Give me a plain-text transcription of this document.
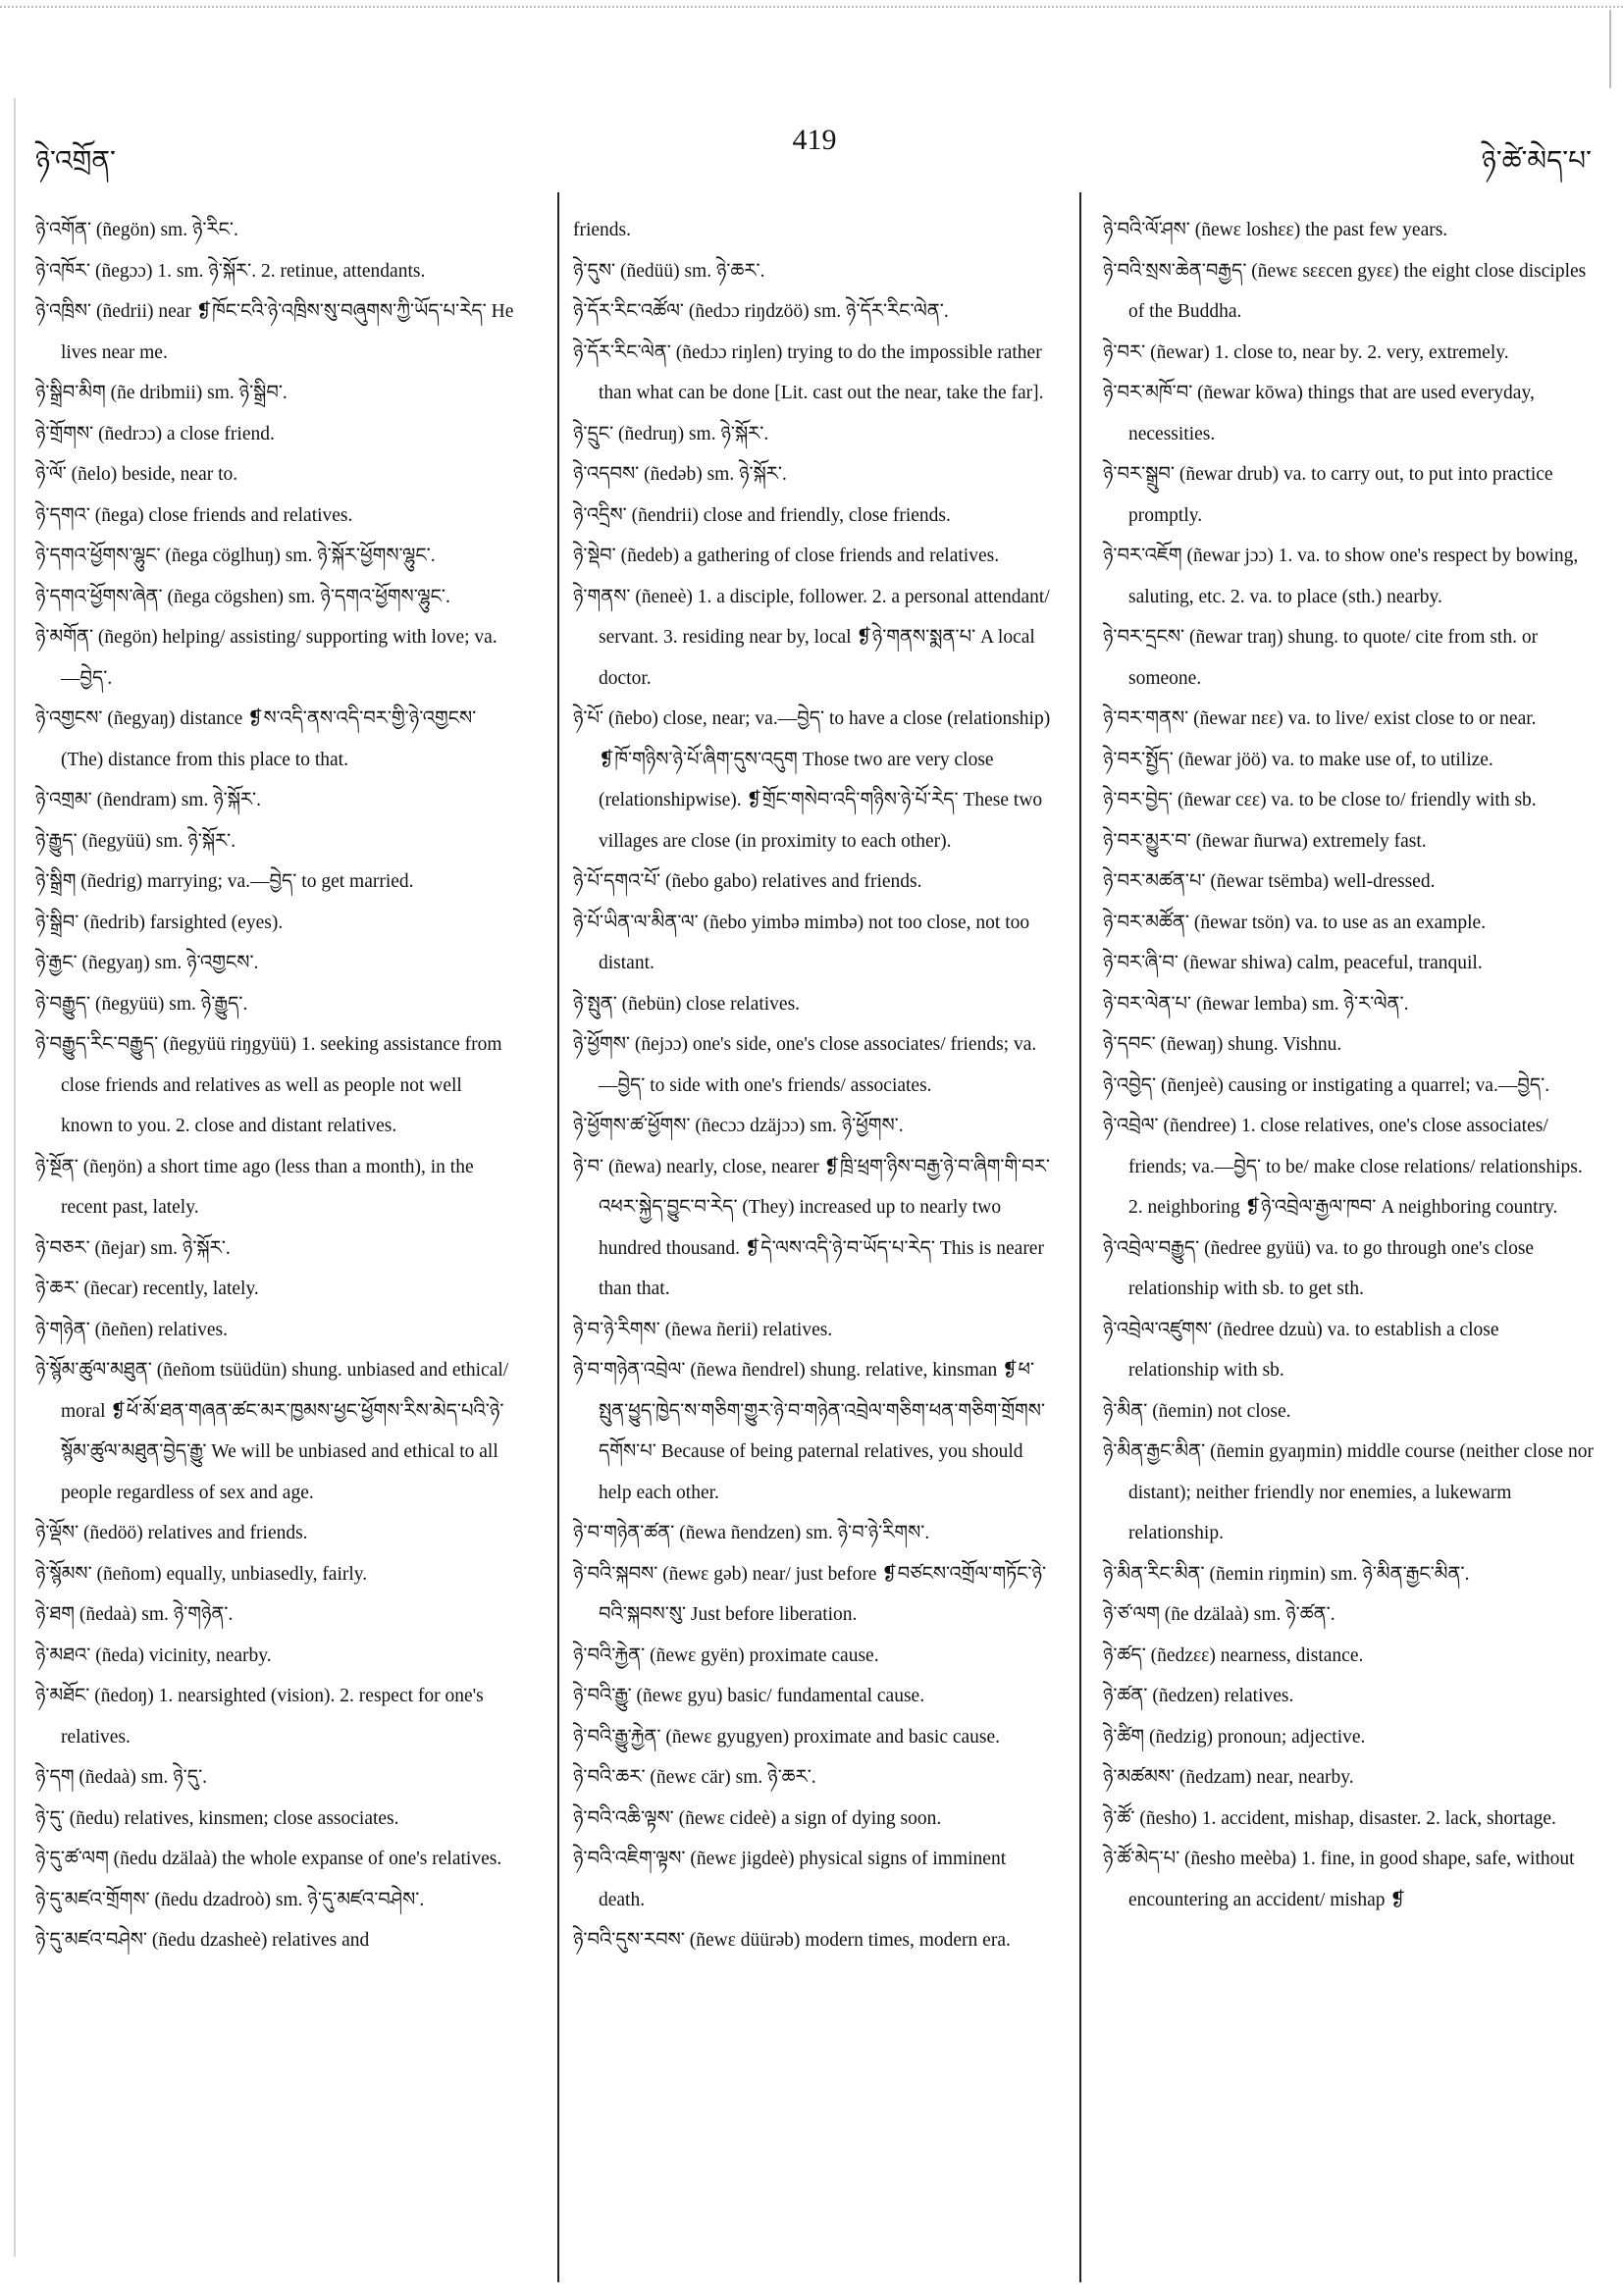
ཉེ་འགྲོན་
419
ཉེ་ཚེ་མེད་པ་
ཉེ་འགོན་ (ñegön) sm. ཉེ་རིང་.
ཉེ་འཁོར་ (ñegɔɔ) 1. sm. ཉེ་སྐོར་. 2. retinue, attendants.
ཉེ་འཁྲིས་ (ñedrii) near ❡ཁོང་ངའི་ཉེ་འཁྲིས་སུ་བཞུགས་ཀྱི་ཡོད་པ་རེད་ He lives near me.
ཉེ་སྒྲིབ་མིག (ñe dribmii) sm. ཉེ་སྒྲིབ་.
ཉེ་གྲོགས་ (ñedrɔɔ) a close friend.
ཉེ་ལོ་ (ñelo) beside, near to.
ཉེ་དགའ་ (ñega) close friends and relatives.
ཉེ་དགའ་ཕྱོགས་ལྷུང་ (ñega cöglhuŋ) sm. ཉེ་སྐོར་ཕྱོགས་ལྷུང་.
ཉེ་དགའ་ཕྱོགས་ཞེན་ (ñega cögshen) sm. ཉེ་དགའ་ཕྱོགས་ལྷུང་.
ཉེ་མགོན་ (ñegön) helping/ assisting/ supporting with love; va.—བྱེད་.
ཉེ་འགྱངས་ (ñegyaŋ) distance ❡ས་འདི་ནས་འདི་བར་གྱི་ཉེ་འགྱངས་ (The) distance from this place to that.
ཉེ་འགྲམ་ (ñendram) sm. ཉེ་སྐོར་.
ཉེ་རྒྱུད་ (ñegyüü) sm. ཉེ་སྐོར་.
ཉེ་སྒྲིག (ñedrig) marrying; va.—བྱེད་ to get married.
ཉེ་སྒྲིབ་ (ñedrib) farsighted (eyes).
ཉེ་རྒྱང་ (ñegyaŋ) sm. ཉེ་འགྱངས་.
ཉེ་བརྒྱུད་ (ñegyüü) sm. ཉེ་རྒྱུད་.
ཉེ་བརྒྱུད་རིང་བརྒྱུད་ (ñegyüü riŋgyüü) 1. seeking assistance from close friends and relatives as well as people not well known to you. 2. close and distant relatives.
ཉེ་སྔོན་ (ñeŋön) a short time ago (less than a month), in the recent past, lately.
ཉེ་བཅར་ (ñejar) sm. ཉེ་སྐོར་.
ཉེ་ཆར་ (ñecar) recently, lately.
ཉེ་གཉེན་ (ñeñen) relatives.
ཉེ་སྙོམ་ཚུལ་མཐུན་ (ñeñom tsüüdün) shung. unbiased and ethical/ moral ❡ཕོ་མོ་ཐན་གཞན་ཚང་མར་ཁྱམས་ཕྱང་ཕྱོགས་རིས་མེད་པའི་ཉེ་སྙོམ་ཚུལ་མཐུན་བྱེད་རྒྱུ་ We will be unbiased and ethical to all people regardless of sex and age.
ཉེ་ལྡོས་ (ñedöö) relatives and friends.
ཉེ་སྙོམས་ (ñeñom) equally, unbiasedly, fairly.
ཉེ་ཐག (ñedaà) sm. ཉེ་གཉེན་.
ཉེ་མཐའ་ (ñeda) vicinity, nearby.
ཉེ་མཐོང་ (ñedoŋ) 1. nearsighted (vision). 2. respect for one's relatives.
ཉེ་དག (ñedaà) sm. ཉེ་དུ་.
ཉེ་དུ་ (ñedu) relatives, kinsmen; close associates.
ཉེ་དུ་ཚ་ལག (ñedu dzälaà) the whole expanse of one's relatives.
ཉེ་དུ་མཛའ་གྲོགས་ (ñedu dzadroò) sm. ཉེ་དུ་མཛའ་བཤེས་.
ཉེ་དུ་མཛའ་བཤེས་ (ñedu dzasheè) relatives and
friends.
ཉེ་དུས་ (ñedüü) sm. ཉེ་ཆར་.
ཉེ་དོར་རིང་འཚོལ་ (ñedɔɔ riŋdzöö) sm. ཉེ་དོར་རིང་ལེན་.
ཉེ་དོར་རིང་ལེན་ (ñedɔɔ riŋlen) trying to do the impossible rather than what can be done [Lit. cast out the near, take the far].
ཉེ་དྲུང་ (ñedruŋ) sm. ཉེ་སྐོར་.
ཉེ་འདབས་ (ñedəb) sm. ཉེ་སྐོར་.
ཉེ་འདྲིས་ (ñendrii) close and friendly, close friends.
ཉེ་སྡེབ་ (ñedeb) a gathering of close friends and relatives.
ཉེ་གནས་ (ñeneè) 1. a disciple, follower. 2. a personal attendant/ servant. 3. residing near by, local ❡ཉེ་གནས་སྨན་པ་ A local doctor.
ཉེ་པོ་ (ñebo) close, near; va.—བྱེད་ to have a close (relationship) ❡ཁོ་གཉིས་ཉེ་པོ་ཞིག་དུས་འདུག Those two are very close (relationshipwise). ❡གྲོང་གསེབ་འདི་གཉིས་ཉེ་པོ་རེད་ These two villages are close (in proximity to each other).
ཉེ་པོ་དགའ་པོ་ (ñebo gabo) relatives and friends.
ཉེ་པོ་ཡིན་ལ་མིན་ལ་ (ñebo yimbə mimbə) not too close, not too distant.
ཉེ་སྤུན་ (ñebün) close relatives.
ཉེ་ཕྱོགས་ (ñejɔɔ) one's side, one's close associates/ friends; va.—བྱེད་ to side with one's friends/ associates.
ཉེ་ཕྱོགས་ཚ་ཕྱོགས་ (ñecɔɔ dzäjɔɔ) sm. ཉེ་ཕྱོགས་.
ཉེ་བ་ (ñewa) nearly, close, nearer ❡ཁྲི་ཕྲག་ཉིས་བརྒྱ་ཉེ་བ་ཞིག་གི་བར་འཕར་སྐྱེད་བྱུང་བ་རེད་ (They) increased up to nearly two hundred thousand. ❡དེ་ལས་འདི་ཉེ་བ་ཡོད་པ་རེད་ This is nearer than that.
ཉེ་བ་ཉེ་རིགས་ (ñewa ñerii) relatives.
ཉེ་བ་གཉེན་འབྲེལ་ (ñewa ñendrel) shung. relative, kinsman ❡ཕ་སྤུན་ཕྱུད་ཁྱེད་ས་གཅིག་གྱུར་ཉེ་བ་གཉེན་འབྲེལ་གཅིག་ཕན་གཅིག་གྲོགས་དགོས་པ་ Because of being paternal relatives, you should help each other.
ཉེ་བ་གཉེན་ཚན་ (ñewa ñendzen) sm. ཉེ་བ་ཉེ་རིགས་.
ཉེ་བའི་སྐབས་ (ñewɛ gəb) near/ just before ❡བཙངས་འགྲོལ་གཏོང་ཉེ་བའི་སྐབས་སུ་ Just before liberation.
ཉེ་བའི་རྐྱེན་ (ñewɛ gyën) proximate cause.
ཉེ་བའི་རྒྱུ་ (ñewɛ gyu) basic/ fundamental cause.
ཉེ་བའི་རྒྱུ་རྐྱེན་ (ñewɛ gyugyen) proximate and basic cause.
ཉེ་བའི་ཆར་ (ñewɛ cär) sm. ཉེ་ཆར་.
ཉེ་བའི་འཆི་ལྟས་ (ñewɛ cideè) a sign of dying soon.
ཉེ་བའི་འཇིག་ལྟས་ (ñewɛ jigdeè) physical signs of imminent death.
ཉེ་བའི་དུས་རབས་ (ñewɛ düürəb) modern times, modern era.
ཉེ་བའི་ལོ་ཤས་ (ñewɛ loshɛɛ) the past few years.
ཉེ་བའི་སྲས་ཆེན་བརྒྱད་ (ñewɛ sɛɛcen gyɛɛ) the eight close disciples of the Buddha.
ཉེ་བར་ (ñewar) 1. close to, near by. 2. very, extremely.
ཉེ་བར་མཁོ་བ་ (ñewar kōwa) things that are used everyday, necessities.
ཉེ་བར་སྒྲུབ་ (ñewar drub) va. to carry out, to put into practice promptly.
ཉེ་བར་འཇོག (ñewar jɔɔ) 1. va. to show one's respect by bowing, saluting, etc. 2. va. to place (sth.) nearby.
ཉེ་བར་དྲངས་ (ñewar traŋ) shung. to quote/ cite from sth. or someone.
ཉེ་བར་གནས་ (ñewar nɛɛ) va. to live/ exist close to or near.
ཉེ་བར་སྤྱོད་ (ñewar jöö) va. to make use of, to utilize.
ཉེ་བར་བྱེད་ (ñewar cɛɛ) va. to be close to/ friendly with sb.
ཉེ་བར་མྱུར་བ་ (ñewar ñurwa) extremely fast.
ཉེ་བར་མཚན་པ་ (ñewar tsëmba) well-dressed.
ཉེ་བར་མཚོན་ (ñewar tsön) va. to use as an example.
ཉེ་བར་ཞི་བ་ (ñewar shiwa) calm, peaceful, tranquil.
ཉེ་བར་ལེན་པ་ (ñewar lemba) sm. ཉེ་ར་ལེན་.
ཉེ་དབང་ (ñewaŋ) shung. Vishnu.
ཉེ་འབྱེད་ (ñenjeè) causing or instigating a quarrel; va.—བྱེད་.
ཉེ་འབྲེལ་ (ñendree) 1. close relatives, one's close associates/ friends; va.—བྱེད་ to be/ make close relations/ relationships. 2. neighboring ❡ཉེ་འབྲེལ་རྒྱལ་ཁབ་ A neighboring country.
ཉེ་འབྲེལ་བརྒྱུད་ (ñedree gyüü) va. to go through one's close relationship with sb. to get sth.
ཉེ་འབྲེལ་འཛུགས་ (ñedree dzuù) va. to establish a close relationship with sb.
ཉེ་མིན་ (ñemin) not close.
ཉེ་མིན་རྒྱང་མིན་ (ñemin gyaŋmin) middle course (neither close nor distant); neither friendly nor enemies, a lukewarm relationship.
ཉེ་མིན་རིང་མིན་ (ñemin riŋmin) sm. ཉེ་མིན་རྒྱང་མིན་.
ཉེ་ཙ་ལག (ñe dzälaà) sm. ཉེ་ཚན་.
ཉེ་ཚད་ (ñedzɛɛ) nearness, distance.
ཉེ་ཚན་ (ñedzen) relatives.
ཉེ་ཚིག (ñedzig) pronoun; adjective.
ཉེ་མཚམས་ (ñedzam) near, nearby.
ཉེ་ཚོ་ (ñesho) 1. accident, mishap, disaster. 2. lack, shortage.
ཉེ་ཚོ་མེད་པ་ (ñesho meèba) 1. fine, in good shape, safe, without encountering an accident/ mishap ❡
